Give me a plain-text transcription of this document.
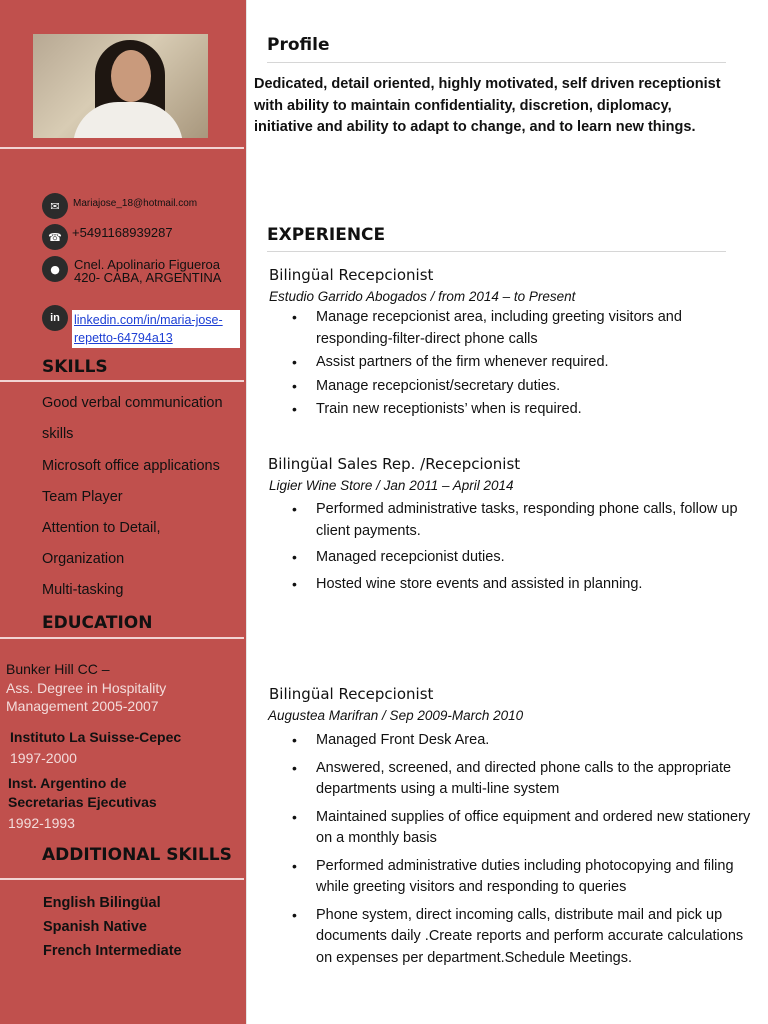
✉	Mariajose_18@hotmail.com
☎ +5491168939287
●	Cnel. Apolinario Figueroa
420- CABA, ARGENTINA
in	linkedin.com/in/maria-jose-
repetto-64794a13
SKILLS
Good verbal communication
skills
Microsoft office applications
Team Player
Attention to Detail,
Organization
Multi-tasking
EDUCATION
Bunker Hill CC –
Ass. Degree in Hospitality
Management 2005-2007
Instituto La Suisse-Cepec
1997-2000
Inst. Argentino de
Secretarias Ejecutivas
1992-1993
ADDITIONAL SKILLS
English Bilingüal
Spanish Native
French Intermediate
Profile
Dedicated, detail oriented, highly motivated, self driven receptionist with ability to maintain confidentiality, discretion, diplomacy, initiative and ability to adapt to change, and to learn new things.
EXPERIENCE
Bilingüal Recepcionist
Estudio Garrido Abogados / from 2014 – to Present
• Manage recepcionist area, including greeting visitors and responding-filter-direct phone calls
• Assist partners of the firm whenever required.
• Manage recepcionist/secretary duties.
• Train new receptionists’ when is required.
Bilingüal Sales Rep. /Recepcionist
Ligier Wine Store / Jan 2011 – April 2014
• Performed administrative tasks, responding phone calls, follow up client payments.
• Managed recepcionist duties.
• Hosted wine store events and assisted in planning.
Bilingüal Recepcionist
Augustea Marifran / Sep 2009-March 2010
• Managed Front Desk Area.
• Answered, screened, and directed phone calls to the appropriate departments using a multi-line system
• Maintained supplies of office equipment and ordered new stationery on a monthly basis
• Performed administrative duties including photocopying and filing while greeting visitors and responding to queries
• Phone system, direct incoming calls, distribute mail and pick up documents daily .Create reports and perform accurate calculations on expenses per department.Schedule Meetings.
